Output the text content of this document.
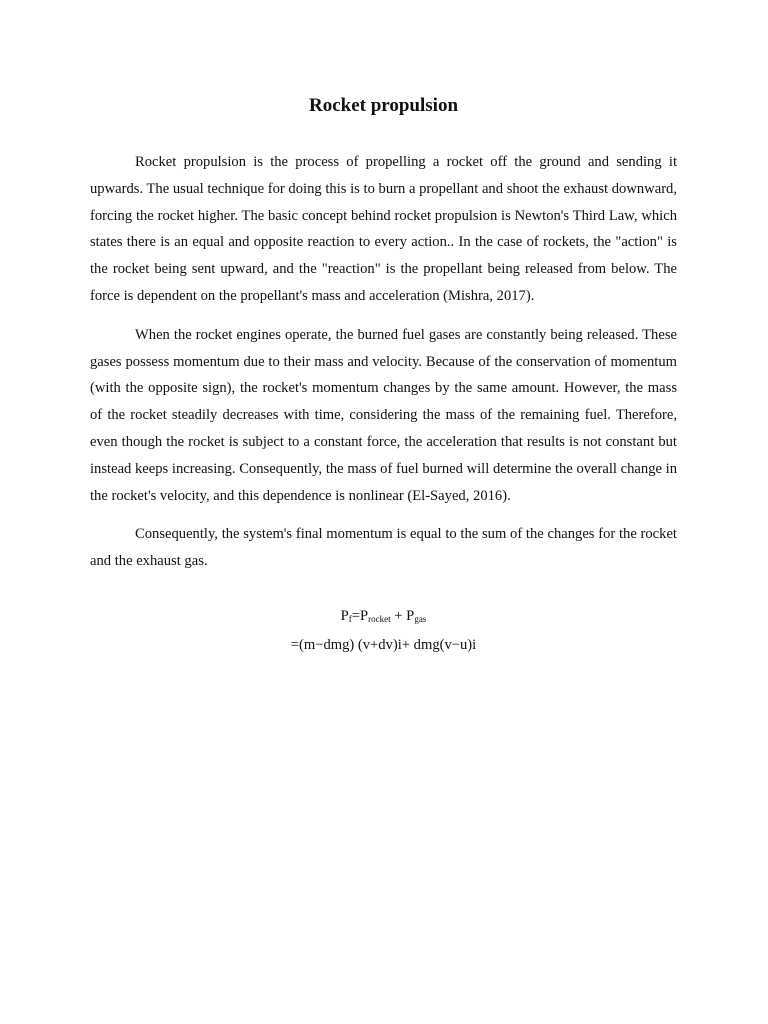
Rocket propulsion

Rocket propulsion is the process of propelling a rocket off the ground and sending it upwards. The usual technique for doing this is to burn a propellant and shoot the exhaust downward, forcing the rocket higher. The basic concept behind rocket propulsion is Newton's Third Law, which states there is an equal and opposite reaction to every action.. In the case of rockets, the "action" is the rocket being sent upward, and the "reaction" is the propellant being released from below. The force is dependent on the propellant's mass and acceleration (Mishra, 2017).

When the rocket engines operate, the burned fuel gases are constantly being released. These gases possess momentum due to their mass and velocity. Because of the conservation of momentum (with the opposite sign), the rocket's momentum changes by the same amount. However, the mass of the rocket steadily decreases with time, considering the mass of the remaining fuel. Therefore, even though the rocket is subject to a constant force, the acceleration that results is not constant but instead keeps increasing. Consequently, the mass of fuel burned will determine the overall change in the rocket's velocity, and this dependence is nonlinear (El-Sayed, 2016).

Consequently, the system's final momentum is equal to the sum of the changes for the rocket and the exhaust gas.

$P_f=P_{rocket} + P_{gas}$
=(m−dmg) (v+dv)i+ dmg(v−u)i
